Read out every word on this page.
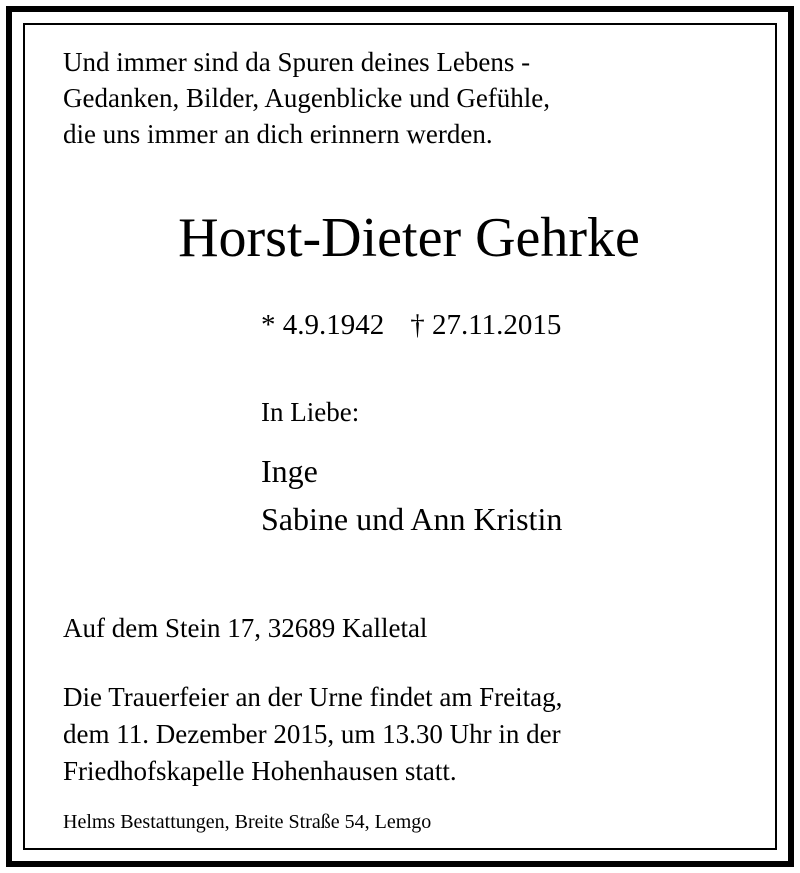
Und immer sind da Spuren deines Lebens -
Gedanken, Bilder, Augenblicke und Gefühle,
die uns immer an dich erinnern werden.

Horst-Dieter Gehrke

* 4.9.1942 † 27.11.2015

In Liebe:

Inge
Sabine und Ann Kristin

Auf dem Stein 17, 32689 Kalletal

Die Trauerfeier an der Urne findet am Freitag,
dem 11. Dezember 2015, um 13.30 Uhr in der
Friedhofskapelle Hohenhausen statt.

Helms Bestattungen, Breite Straße 54, Lemgo
